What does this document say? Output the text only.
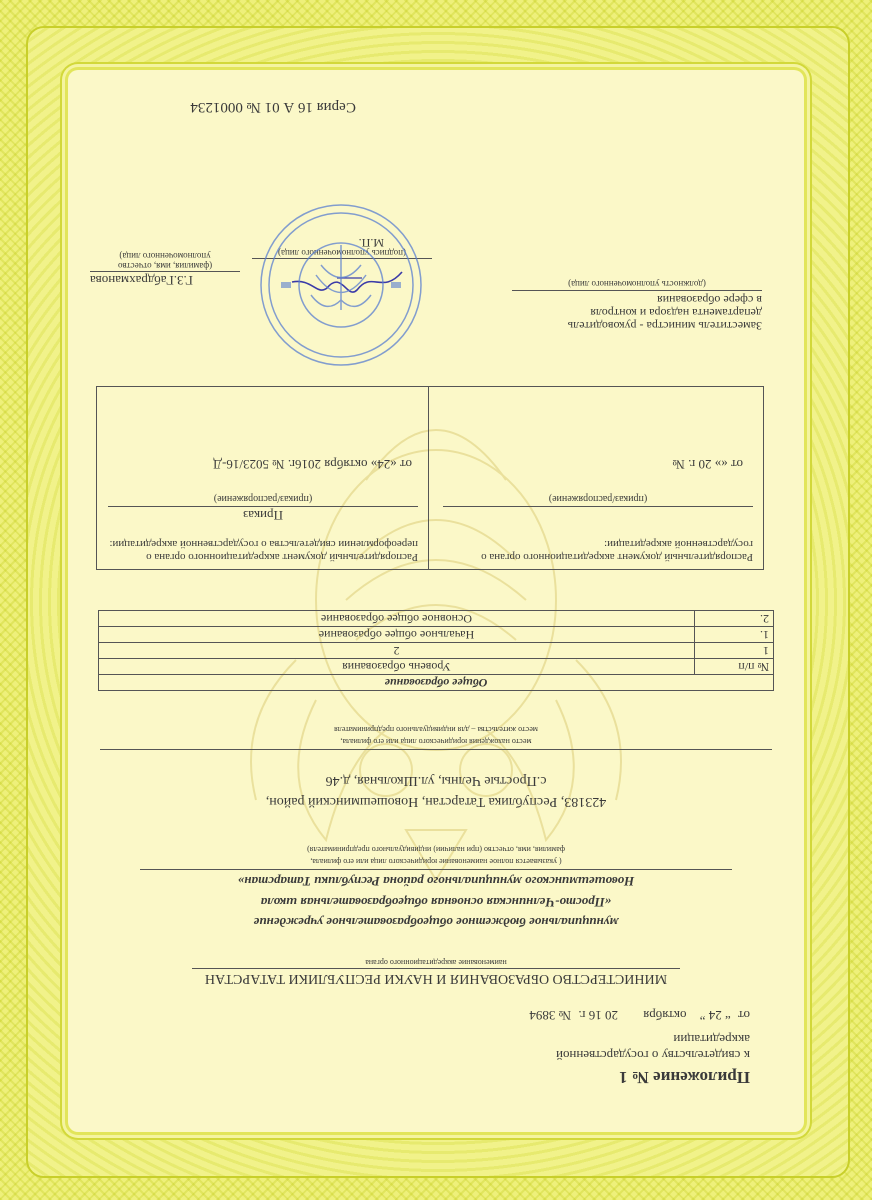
Приложение № 1
к свидетельству о государственной
аккредитации
от “ 24 ” октября 20 16 г. № 3894
МИНИСТЕРСТВО ОБРАЗОВАНИЯ И НАУКИ РЕСПУБЛИКИ ТАТАРСТАН
наименование аккредитационного органа
муниципальное бюджетное общеобразовательное учреждение
«Просто-Челнинская основная общеобразовательная школа
Новошешминского муниципального района Республики Татарстан»
( указывается полное наименование юридического лица или его филиала,
фамилия, имя, отчество (при наличии) индивидуального предпринимателя)
423183, Республика Татарстан, Новошешминский район,
с.Простые Челны, ул.Школьная, д.46
место нахождения юридического лица или его филиала,
место жительства – для индивидуального предпринимателя
Общее образование	
№ п/п	Уровень образования
1	2
1.	Начальное общее образование
2.	Основное общее образование
Распорядительный документ аккредитационного органа о государственной аккредитации:
(приказ/распоряжение)
от «» 20 г. №
Распорядительный документ аккредитационного органа о переоформлении свидетельства о государственной аккредитации:
Приказ
(приказ/распоряжение)
от «24» октября 2016г. № 5023/16-Д
Заместитель министра - руководитель
департамента надзора и контроля
в сфере образования
(должность уполномоченного лица)
(подпись уполномоченного лица)
Г.З.Габдрахманова
(фамилия, имя, отчество
уполномоченного лица)
М.П.
Серия 16 А 01 № 0001234
